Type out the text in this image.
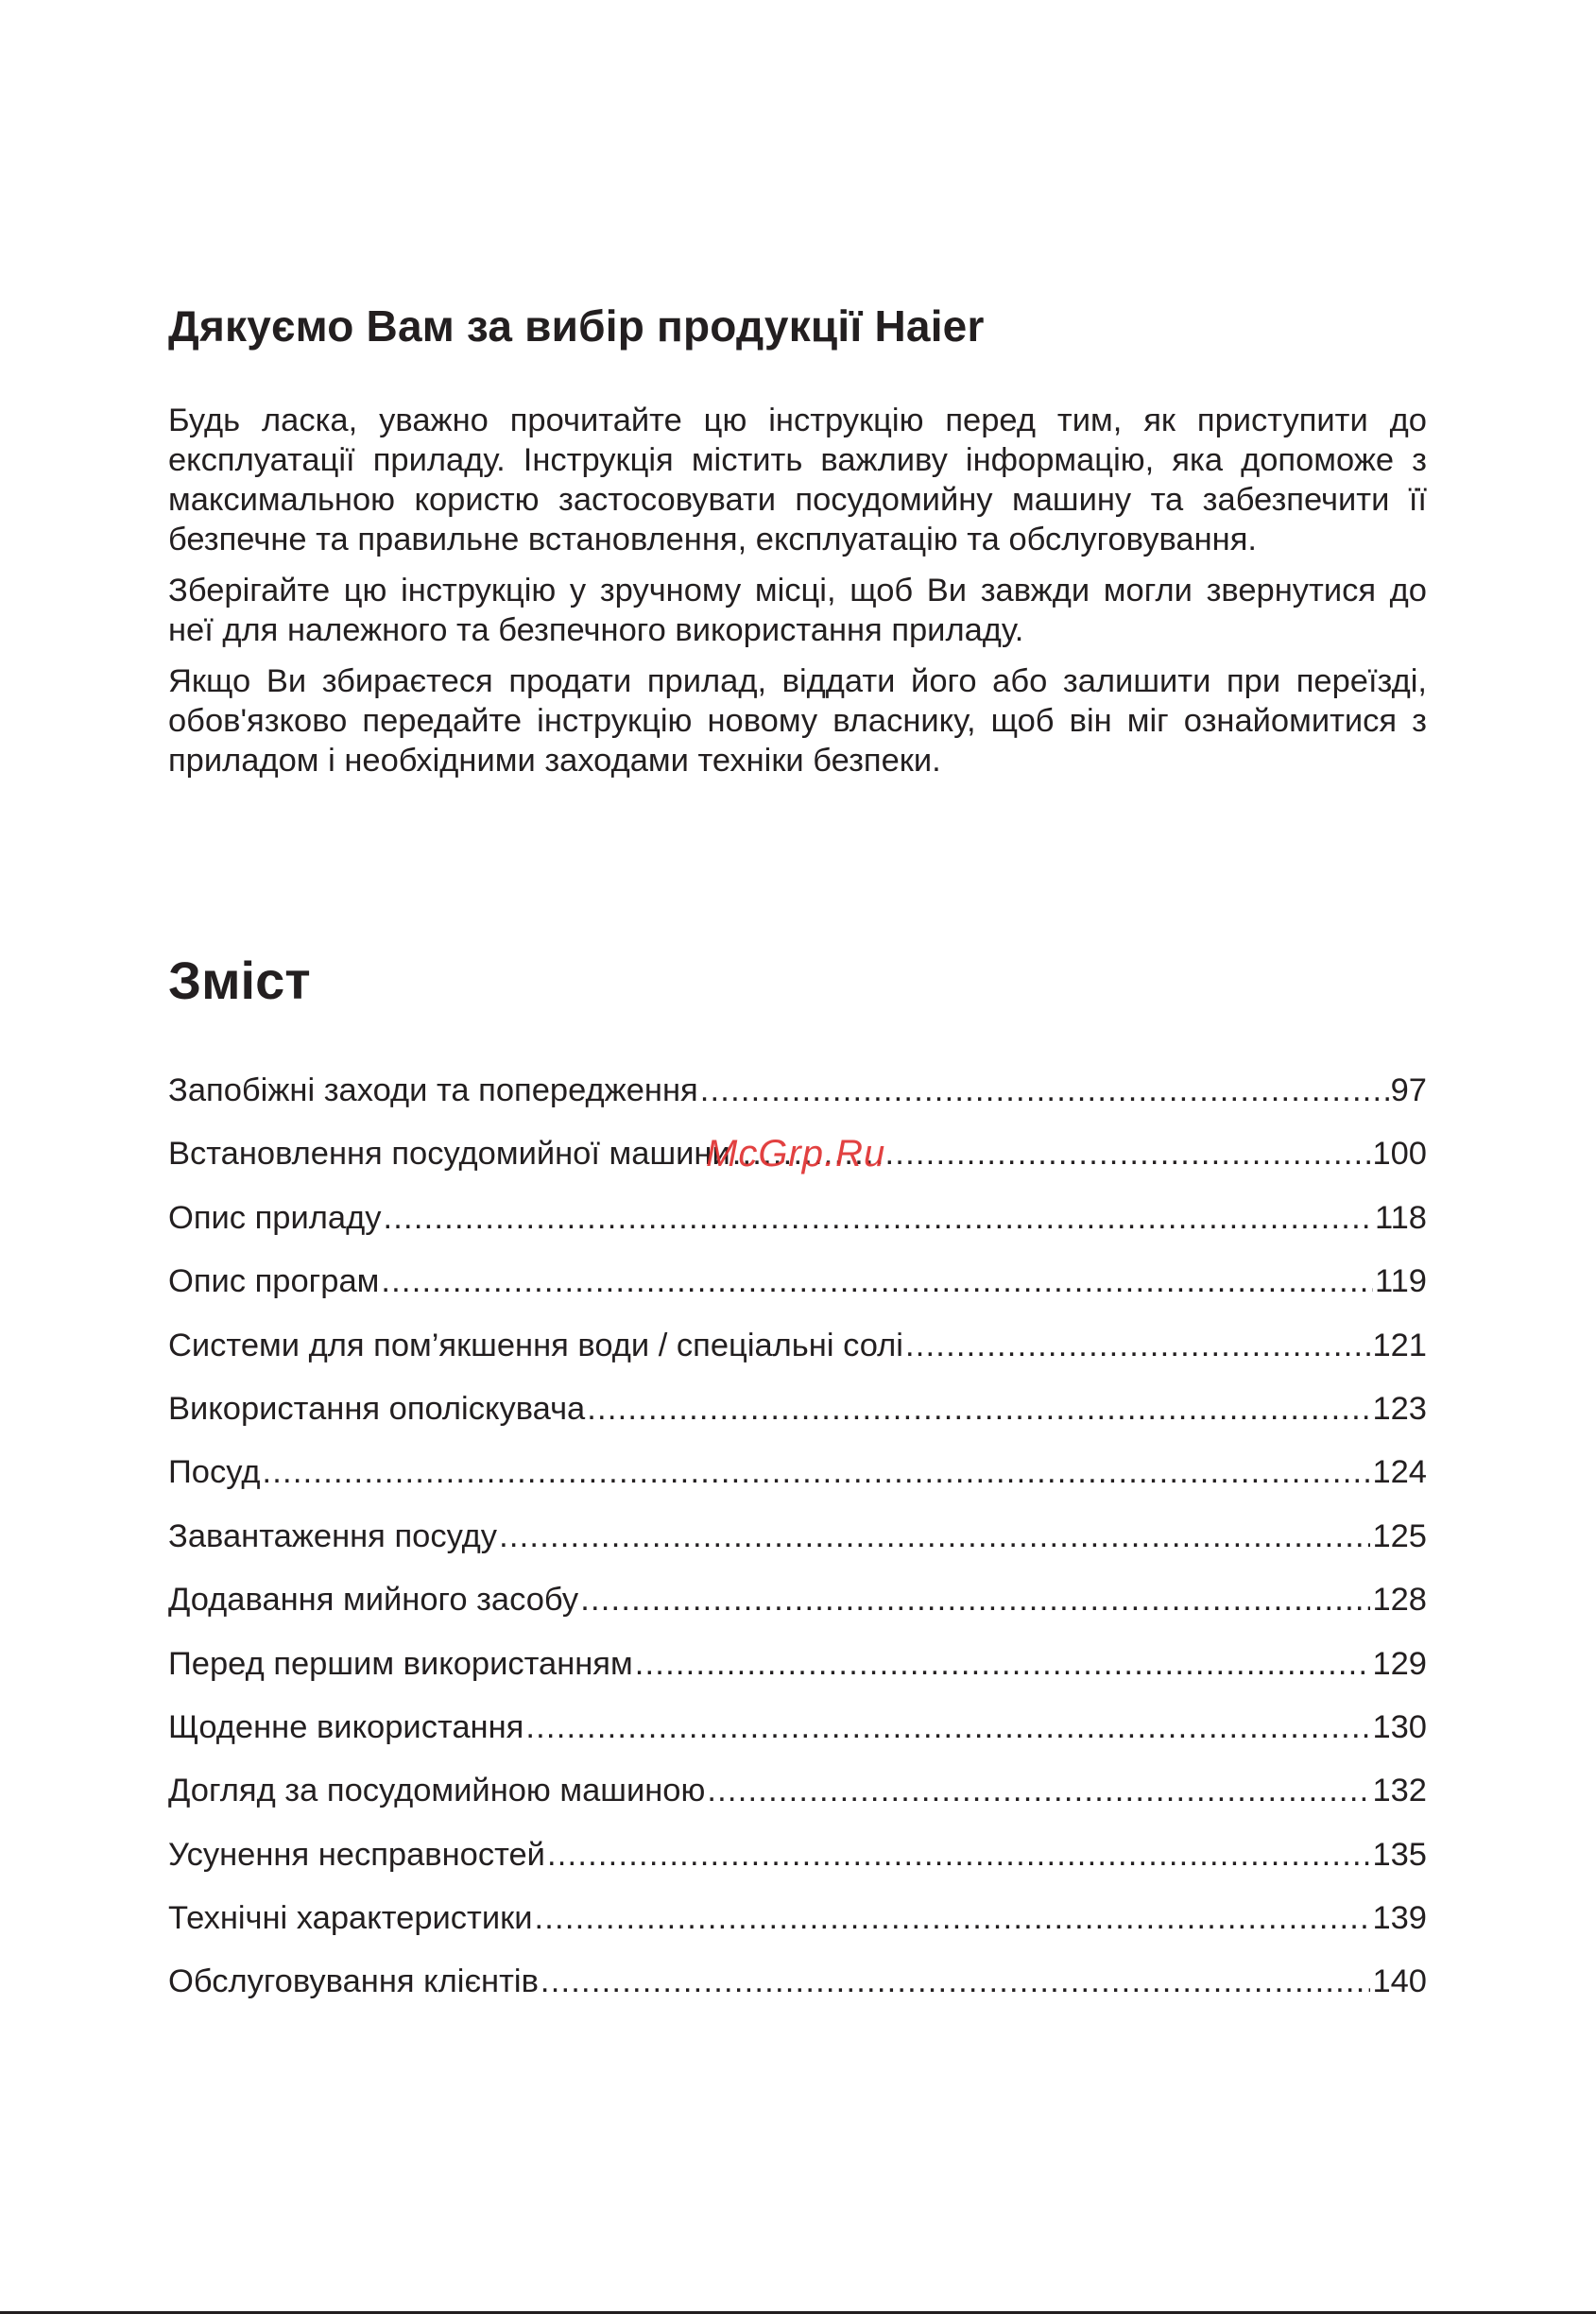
Дякуємо Вам за вибір продукції Haier

Будь ласка, уважно прочитайте цю інструкцію перед тим, як приступити до експлуатації приладу. Інструкція містить важливу інформацію, яка допоможе з максимальною користю застосовувати посудомийну машину та забезпечити її безпечне та правильне встановлення, експлуатацію та обслуговування.

Зберігайте цю інструкцію у зручному місці, щоб Ви завжди могли звернутися до неї для належного та безпечного використання приладу.

Якщо Ви збираєтеся продати прилад, віддати його або залишити при переїзді, обов'язково передайте інструкцію новому власнику, щоб він міг ознайомитися з приладом і необхідними заходами техніки безпеки.

Зміст
Запобіжні заходи та попередження .....	97
Встановлення посудомийної машини .....	100
Опис приладу .....	118
Опис програм .....	119
Системи для пом’якшення води / спеціальні солі .....	121
Використання ополіскувача .....	123
Посуд .....	124
Завантаження посуду .....	125
Додавання мийного засобу .....	128
Перед першим використанням .....	129
Щоденне використання .....	130
Догляд за посудомийною машиною .....	132
Усунення несправностей .....	135
Технічні характеристики .....	139
Обслуговування клієнтів .....	140
McGrp.Ru
